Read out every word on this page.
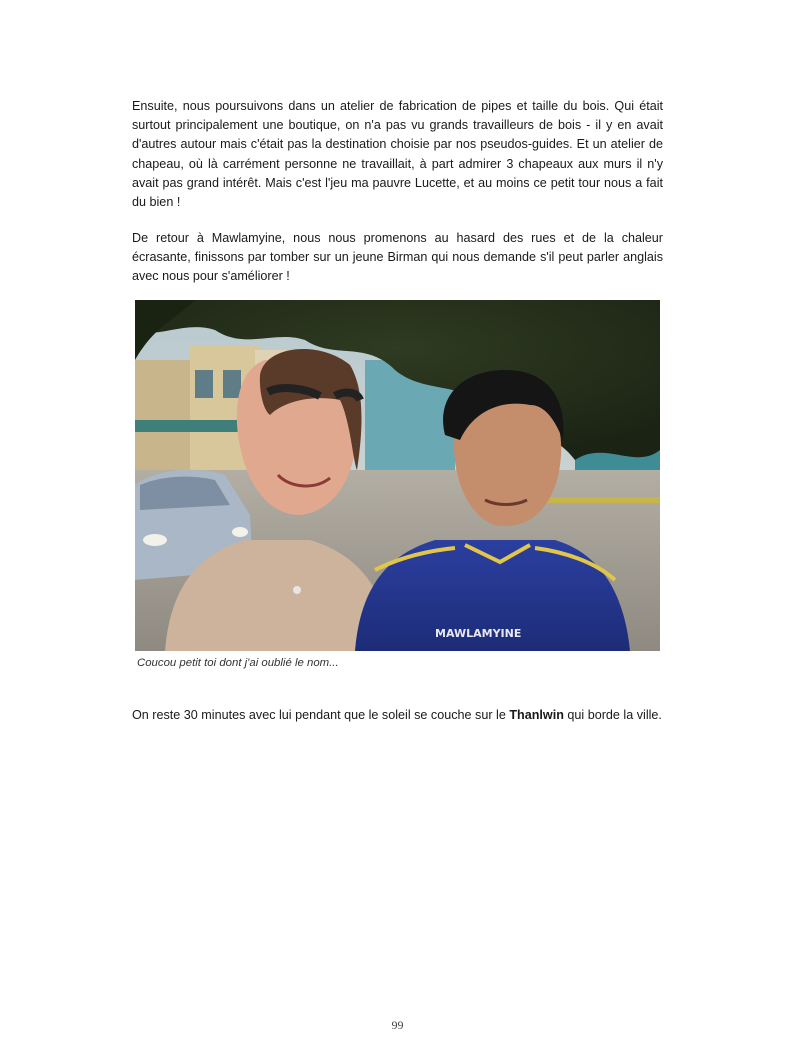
Ensuite, nous poursuivons dans un atelier de fabrication de pipes et taille du bois. Qui était surtout principalement une boutique, on n'a pas vu grands travailleurs de bois - il y en avait d'autres autour mais c'était pas la destination choisie par nos pseudos-guides. Et un atelier de chapeau, où là carrément personne ne travaillait, à part admirer 3 chapeaux aux murs il n'y avait pas grand intérêt. Mais c'est l'jeu ma pauvre Lucette, et au moins ce petit tour nous a fait du bien !

De retour à Mawlamyine, nous nous promenons au hasard des rues et de la chaleur écrasante, finissons par tomber sur un jeune Birman qui nous demande s'il peut parler anglais avec nous pour s'améliorer !

MAWLAMYINE
Coucou petit toi dont j'ai oublié le nom...

On reste 30 minutes avec lui pendant que le soleil se couche sur le Thanlwin qui borde la ville.

99
